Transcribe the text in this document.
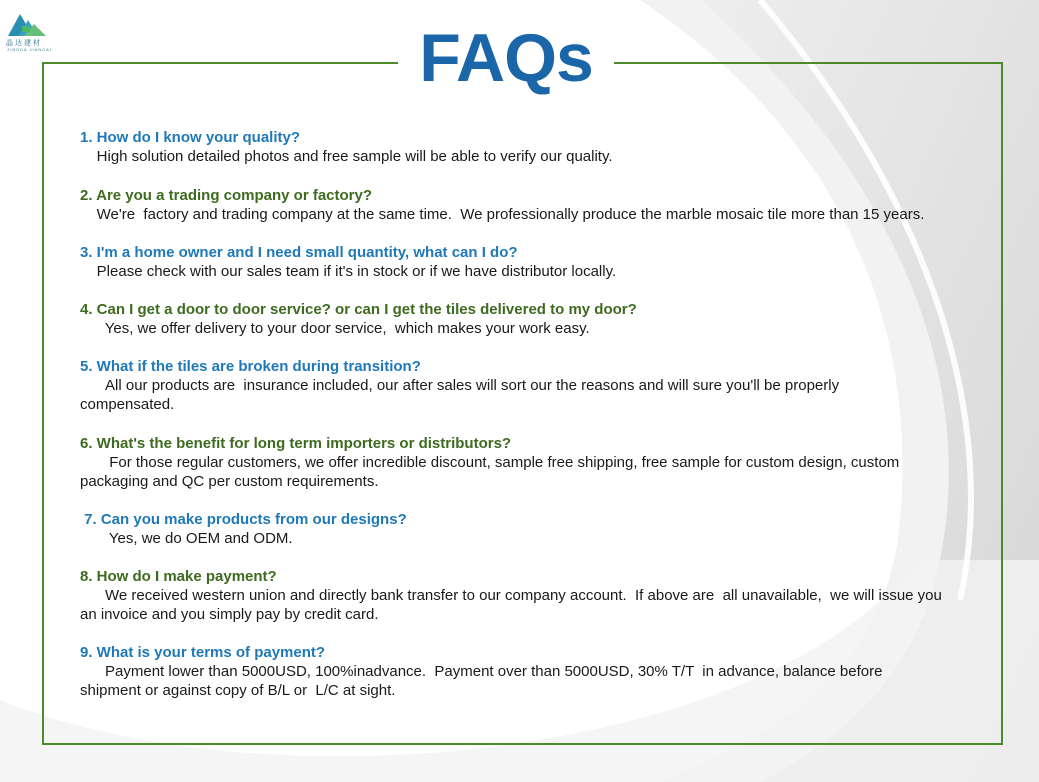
晶达建材
JINGDA JIANCAI	FAQs
1. How do I know your quality?
High solution detailed photos and free sample will be able to verify our quality.
2. Are you a trading company or factory?
We're  factory and trading company at the same time.  We professionally produce the marble mosaic tile more than 15 years.
3. I'm a home owner and I need small quantity, what can I do?
Please check with our sales team if it's in stock or if we have distributor locally.
4. Can I get a door to door service? or can I get the tiles delivered to my door?
Yes, we offer delivery to your door service,  which makes your work easy.
5. What if the tiles are broken during transition?
All our products are  insurance included, our after sales will sort our the reasons and will sure you'll be properly compensated.
6. What's the benefit for long term importers or distributors?
For those regular customers, we offer incredible discount, sample free shipping, free sample for custom design, custom packaging and QC per custom requirements.
7. Can you make products from our designs?
Yes, we do OEM and ODM.
8. How do I make payment?
We received western union and directly bank transfer to our company account.  If above are  all unavailable,  we will issue you an invoice and you simply pay by credit card.
9. What is your terms of payment?
Payment lower than 5000USD, 100%inadvance.  Payment over than 5000USD, 30% T/T  in advance, balance before shipment or against copy of B/L or  L/C at sight.
